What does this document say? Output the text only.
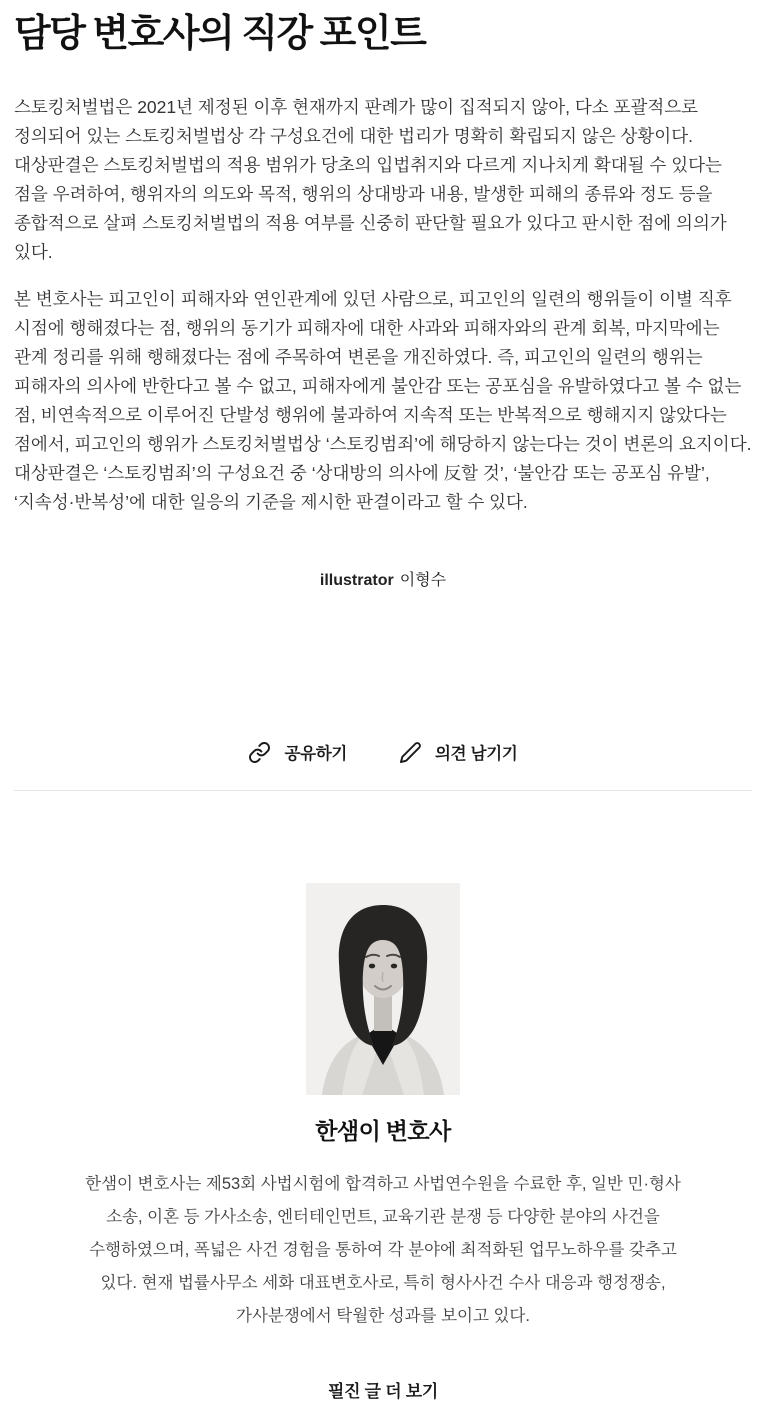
담당 변호사의 직강 포인트

스토킹처벌법은 2021년 제정된 이후 현재까지 판례가 많이 집적되지 않아, 다소 포괄적으로 정의되어 있는 스토킹처벌법상 각 구성요건에 대한 법리가 명확히 확립되지 않은 상황이다. 대상판결은 스토킹처벌법의 적용 범위가 당초의 입법취지와 다르게 지나치게 확대될 수 있다는 점을 우려하여, 행위자의 의도와 목적, 행위의 상대방과 내용, 발생한 피해의 종류와 정도 등을 종합적으로 살펴 스토킹처벌법의 적용 여부를 신중히 판단할 필요가 있다고 판시한 점에 의의가 있다.

본 변호사는 피고인이 피해자와 연인관계에 있던 사람으로, 피고인의 일련의 행위들이 이별 직후 시점에 행해졌다는 점, 행위의 동기가 피해자에 대한 사과와 피해자와의 관계 회복, 마지막에는 관계 정리를 위해 행해졌다는 점에 주목하여 변론을 개진하였다. 즉, 피고인의 일련의 행위는 피해자의 의사에 반한다고 볼 수 없고, 피해자에게 불안감 또는 공포심을 유발하였다고 볼 수 없는 점, 비연속적으로 이루어진 단발성 행위에 불과하여 지속적 또는 반복적으로 행해지지 않았다는 점에서, 피고인의 행위가 스토킹처벌법상 ‘스토킹범죄’에 해당하지 않는다는 것이 변론의 요지이다. 대상판결은 ‘스토킹범죄’의 구성요건 중 ‘상대방의 의사에 反할 것’, ‘불안감 또는 공포심 유발’, ‘지속성·반복성’에 대한 일응의 기준을 제시한 판결이라고 할 수 있다.

illustrator 이형수
공유하기	의견 남기기
한샘이 변호사

한샘이 변호사는 제53회 사법시험에 합격하고 사법연수원을 수료한 후, 일반 민·형사 소송, 이혼 등 가사소송, 엔터테인먼트, 교육기관 분쟁 등 다양한 분야의 사건을 수행하였으며, 폭넓은 사건 경험을 통하여 각 분야에 최적화된 업무노하우를 갖추고 있다. 현재 법률사무소 세화 대표변호사로, 특히 형사사건 수사 대응과 행정쟁송, 가사분쟁에서 탁월한 성과를 보이고 있다.

필진 글 더 보기
